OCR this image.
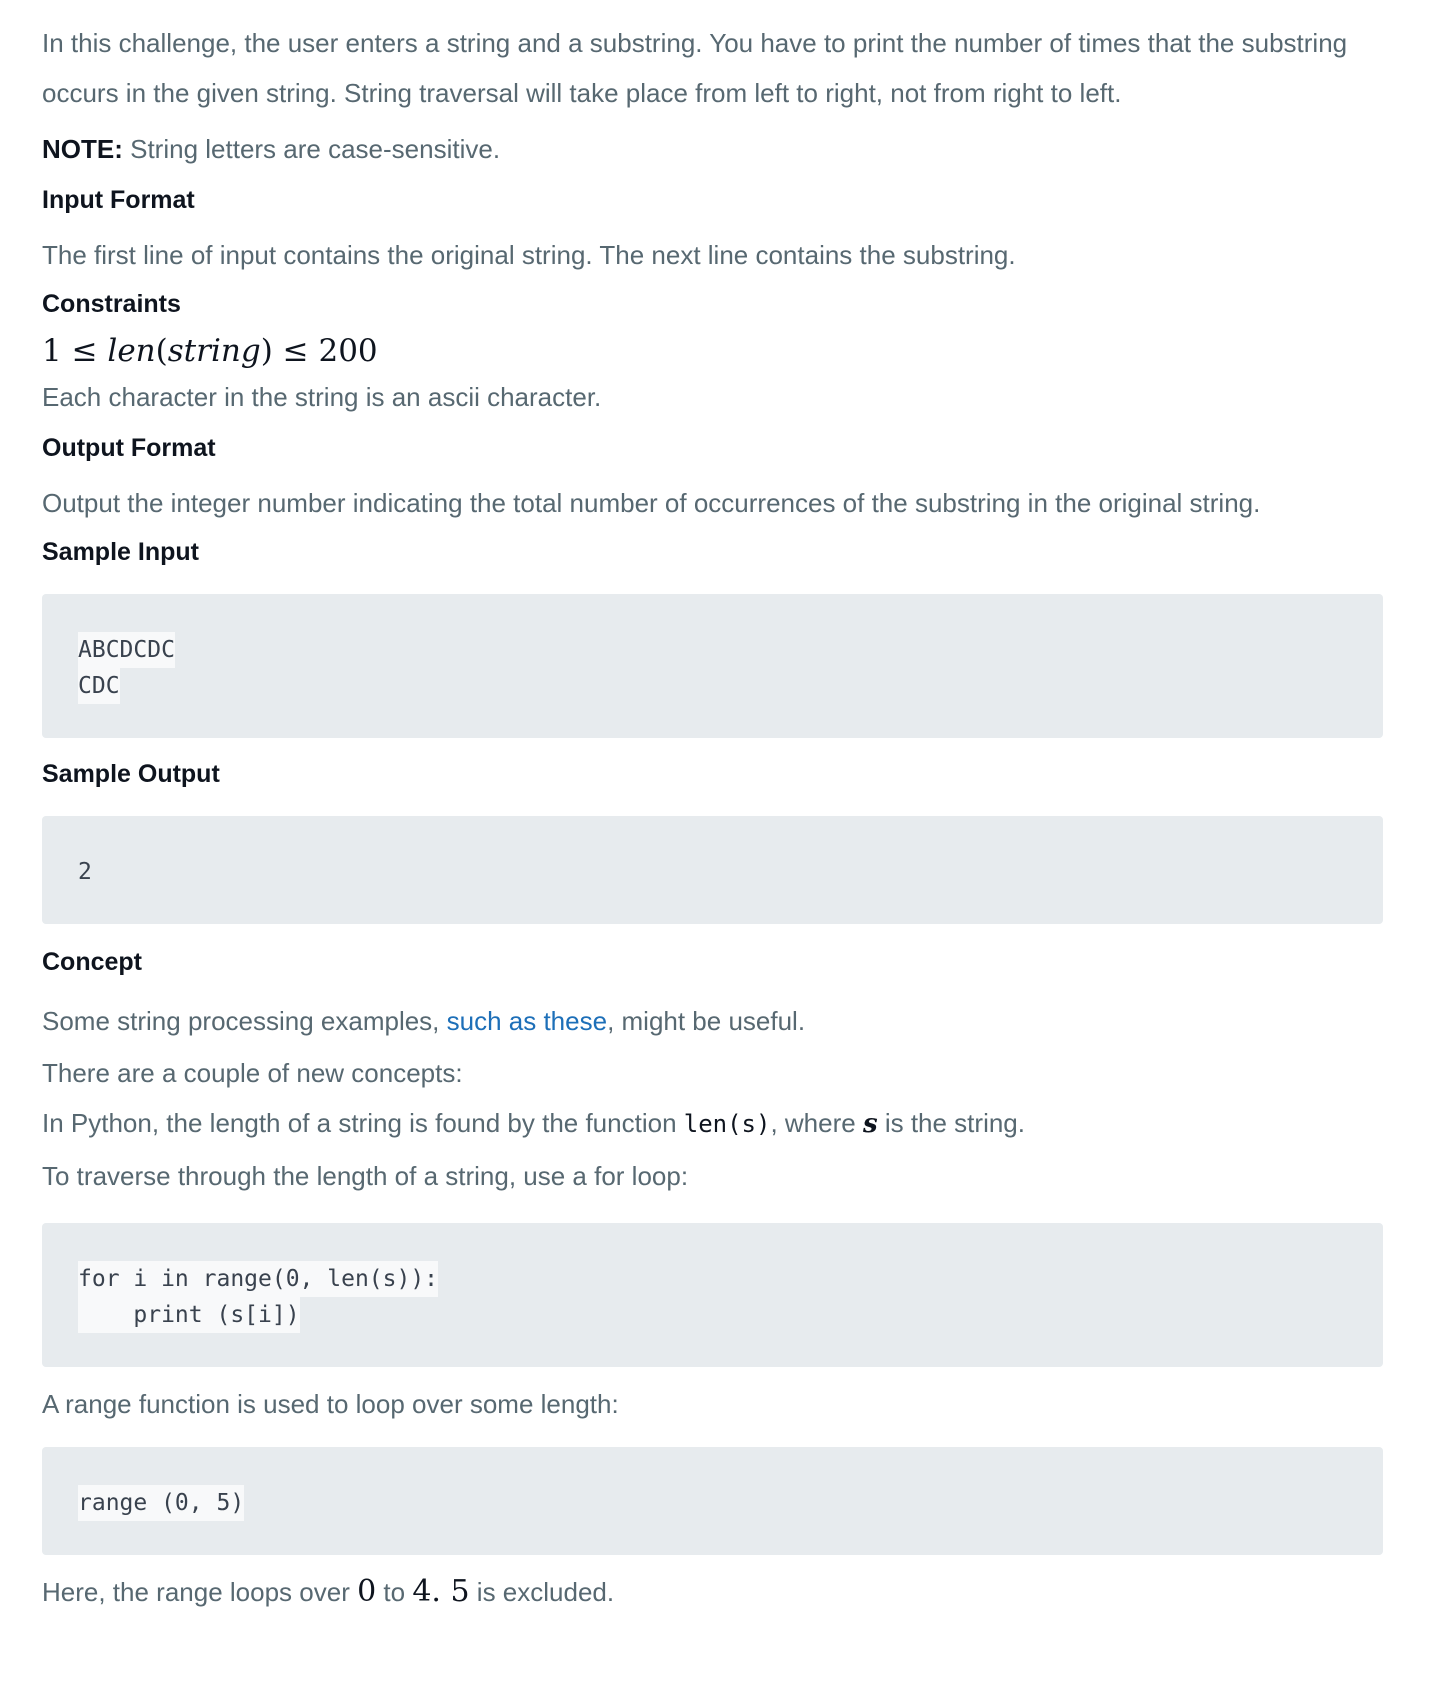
In this challenge, the user enters a string and a substring. You have to print the number of times that the substring

occurs in the given string. String traversal will take place from left to right, not from right to left.

NOTE: String letters are case-sensitive.

Input Format

The first line of input contains the original string. The next line contains the substring.

Constraints

1 ≤ len(string) ≤ 200

Each character in the string is an ascii character.

Output Format

Output the integer number indicating the total number of occurrences of the substring in the original string.

Sample Input
ABCDCDC
CDC
Sample Output
2
Concept

Some string processing examples, such as these, might be useful.

There are a couple of new concepts:

In Python, the length of a string is found by the function len(s), where s is the string.

To traverse through the length of a string, use a for loop:

for i in range(0, len(s)):
print (s[i])

A range function is used to loop over some length:

range (0, 5)

Here, the range loops over 0 to 4. 5 is excluded.
